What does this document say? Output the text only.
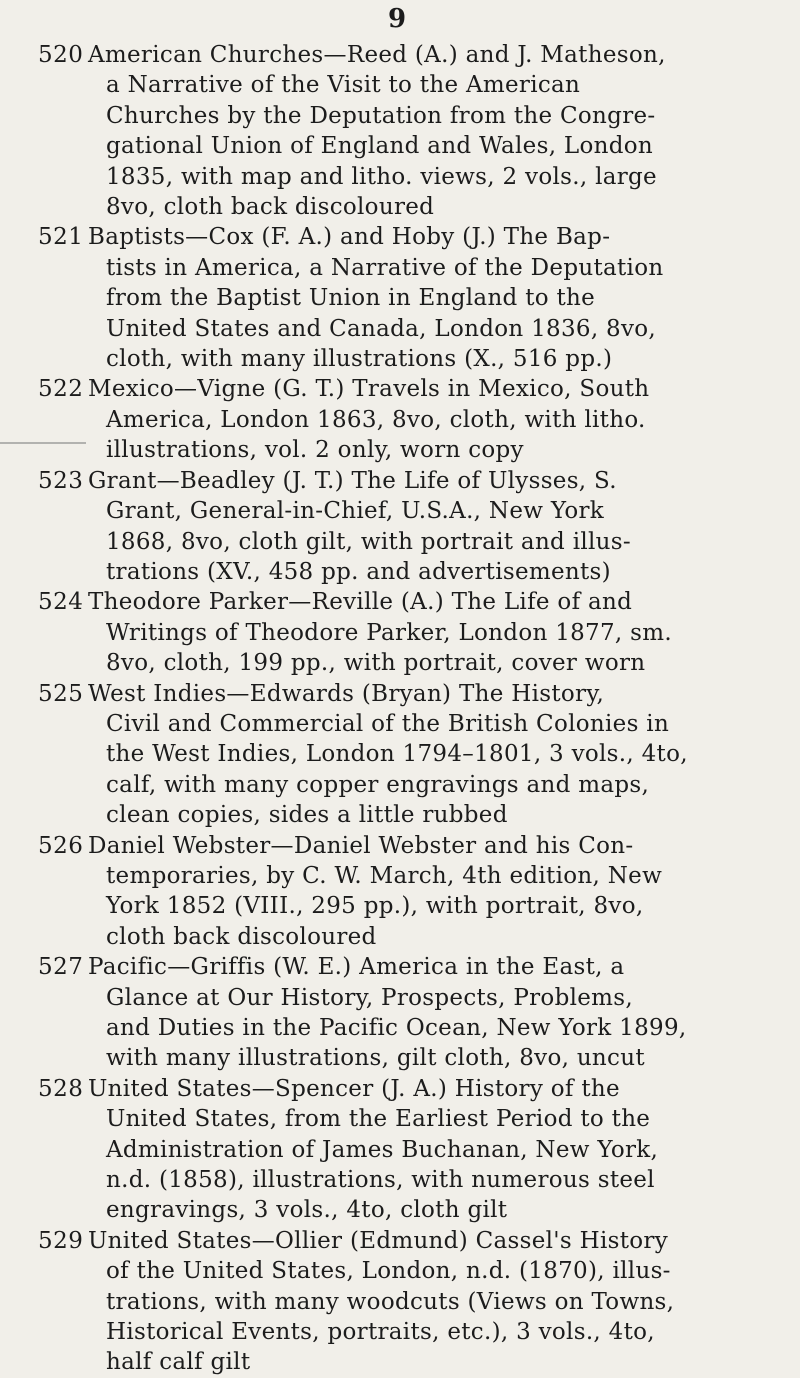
9
520 American Churches—Reed (A.) and J. Matheson,
a Narrative of the Visit to the American
Churches by the Deputation from the Congre-
gational Union of England and Wales, London
1835, with map and litho. views, 2 vols., large
8vo, cloth back discoloured
521 Baptists—Cox (F. A.) and Hoby (J.) The Bap-
tists in America, a Narrative of the Deputation
from the Baptist Union in England to the
United States and Canada, London 1836, 8vo,
cloth, with many illustrations (X., 516 pp.)
522 Mexico—Vigne (G. T.) Travels in Mexico, South
America, London 1863, 8vo, cloth, with litho.
illustrations, vol. 2 only, worn copy
523 Grant—Beadley (J. T.) The Life of Ulysses, S.
Grant, General-in-Chief, U.S.A., New York
1868, 8vo, cloth gilt, with portrait and illus-
trations (XV., 458 pp. and advertisements)
524 Theodore Parker—Reville (A.) The Life of and
Writings of Theodore Parker, London 1877, sm.
8vo, cloth, 199 pp., with portrait, cover worn
525 West Indies—Edwards (Bryan) The History,
Civil and Commercial of the British Colonies in
the West Indies, London 1794–1801, 3 vols., 4to,
calf, with many copper engravings and maps,
clean copies, sides a little rubbed
526 Daniel Webster—Daniel Webster and his Con-
temporaries, by C. W. March, 4th edition, New
York 1852 (VIII., 295 pp.), with portrait, 8vo,
cloth back discoloured
527 Pacific—Griffis (W. E.) America in the East, a
Glance at Our History, Prospects, Problems,
and Duties in the Pacific Ocean, New York 1899,
with many illustrations, gilt cloth, 8vo, uncut
528 United States—Spencer (J. A.) History of the
United States, from the Earliest Period to the
Administration of James Buchanan, New York,
n.d. (1858), illustrations, with numerous steel
engravings, 3 vols., 4to, cloth gilt
529 United States—Ollier (Edmund) Cassel's History
of the United States, London, n.d. (1870), illus-
trations, with many woodcuts (Views on Towns,
Historical Events, portraits, etc.), 3 vols., 4to,
half calf gilt
